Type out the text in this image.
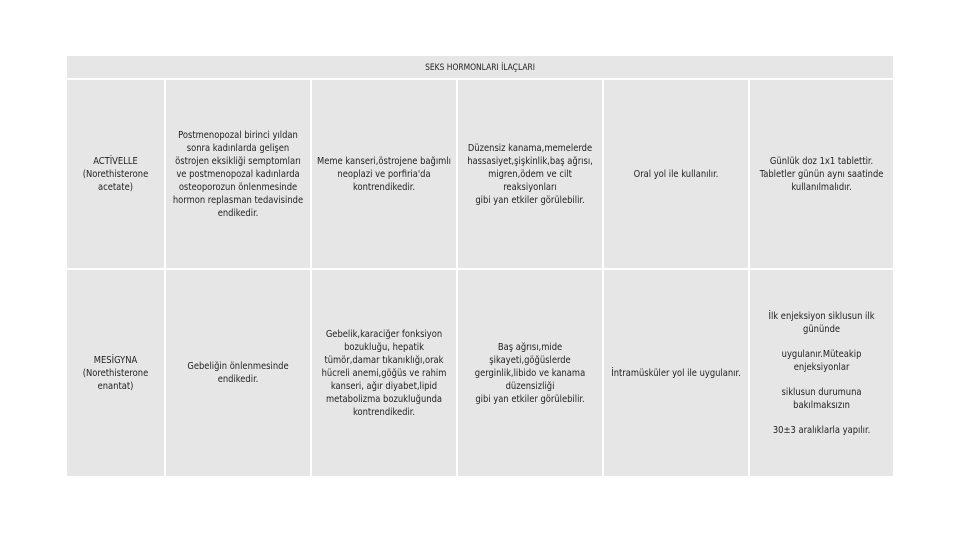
SEKS HORMONLARI İLAÇLARI					

ACTİVELLE
(Norethisterone acetate)	Postmenopozal birinci yıldan sonra kadınlarda gelişen östrojen eksikliği semptomları ve postmenopozal kadınlarda osteoporozun önlenmesinde hormon replasman tedavisinde endikedir.	Meme kanseri,östrojene bağımlı neoplazi ve porfiria'da kontrendikedir.	Düzensiz kanama,memelerde hassasiyet,şişkinlik,baş ağrısı, migren,ödem ve cilt reaksiyonları
gibi yan etkiler görülebilir.	Oral yol ile kullanılır.	Günlük doz 1x1 tablettir. Tabletler günün aynı saatinde kullanılmalıdır.

MESİGYNA
(Norethisterone enantat)	Gebeliğin önlenmesinde endikedir.	Gebelik,karaciğer fonksiyon bozukluğu, hepatik tümör,damar tıkanıklığı,orak hücreli anemi,göğüs ve rahim kanseri, ağır diyabet,lipid metabolizma bozukluğunda kontrendikedir.	Baş ağrısı,mide şikayeti,göğüslerde gerginlik,libido ve kanama düzensizliği
gibi yan etkiler görülebilir.	İntramüsküler yol ile uygulanır.	İlk enjeksiyon siklusun ilk gününde
uygulanır.Müteakip enjeksiyonlar
siklusun durumuna bakılmaksızın
30±3 aralıklarla yapılır.
